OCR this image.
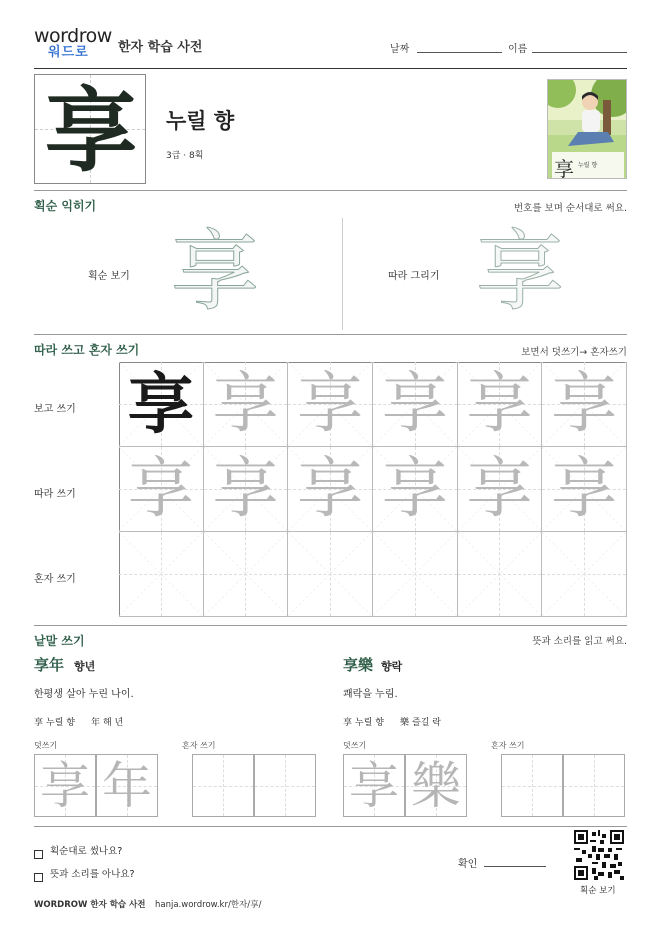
wordrow
워드로	한자 학습 사전	날짜	이름
享	누릴 향
3급 · 8획
享 누릴 향
획순 익히기	번호를 보며 순서대로 써요.
획순 보기 享	따라 그리기 享
따라 쓰고 혼자 쓰기	보면서 덧쓰기→ 혼자쓰기
보고 쓰기
따라 쓰기
혼자 쓰기
享 享 享 享 享 享
享 享 享 享 享 享
낱말 쓰기	뜻과 소리를 읽고 써요.
享年 향년
한평생 살아 누린 나이.
享 누릴 향 年 해 년
덧쓰기	혼자 쓰기
享 年
享樂 향락
쾌락을 누림.
享 누릴 향 樂 즐길 락
덧쓰기	혼자 쓰기
享 樂
획순대로 썼나요?
뜻과 소리를 아나요?
확인
획순 보기
WORDROW 한자 학습 사전 hanja.wordrow.kr/한자/享/
